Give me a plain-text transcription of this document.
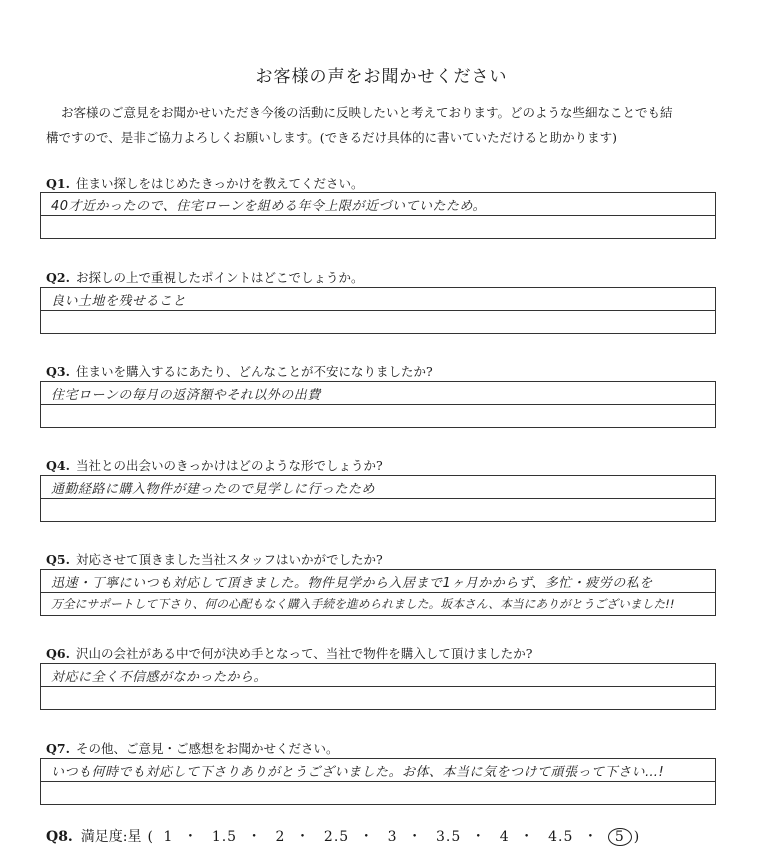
お客様の声をお聞かせください
お客様のご意見をお聞かせいただき今後の活動に反映したいと考えております。どのような些細なことでも結
構ですので、是非ご協力よろしくお願いします。(できるだけ具体的に書いていただけると助かります)
Q1. 住まい探しをはじめたきっかけを教えてください。
40才近かったので、住宅ローンを組める年令上限が近づいていたため。
Q2. お探しの上で重視したポイントはどこでしょうか。
良い土地を残せること
Q3. 住まいを購入するにあたり、どんなことが不安になりましたか?
住宅ローンの毎月の返済額やそれ以外の出費
Q4. 当社との出会いのきっかけはどのような形でしょうか?
通勤経路に購入物件が建ったので見学しに行ったため
Q5. 対応させて頂きました当社スタッフはいかがでしたか?
迅速・丁寧にいつも対応して頂きました。物件見学から入居まで1ヶ月かからず、多忙・疲労の私を
万全にサポートして下さり、何の心配もなく購入手続を進められました。坂本さん、本当にありがとうございました!!
Q6. 沢山の会社がある中で何が決め手となって、当社で物件を購入して頂けましたか?
対応に全く不信感がなかったから。
Q7. その他、ご意見・ご感想をお聞かせください。
いつも何時でも対応して下さりありがとうございました。お体、本当に気をつけて頑張って下さい…!
Q8. 満足度:星 ( 1 ・ 1.5 ・ 2 ・ 2.5 ・ 3 ・ 3.5 ・ 4 ・ 4.5 ・ 5 )
